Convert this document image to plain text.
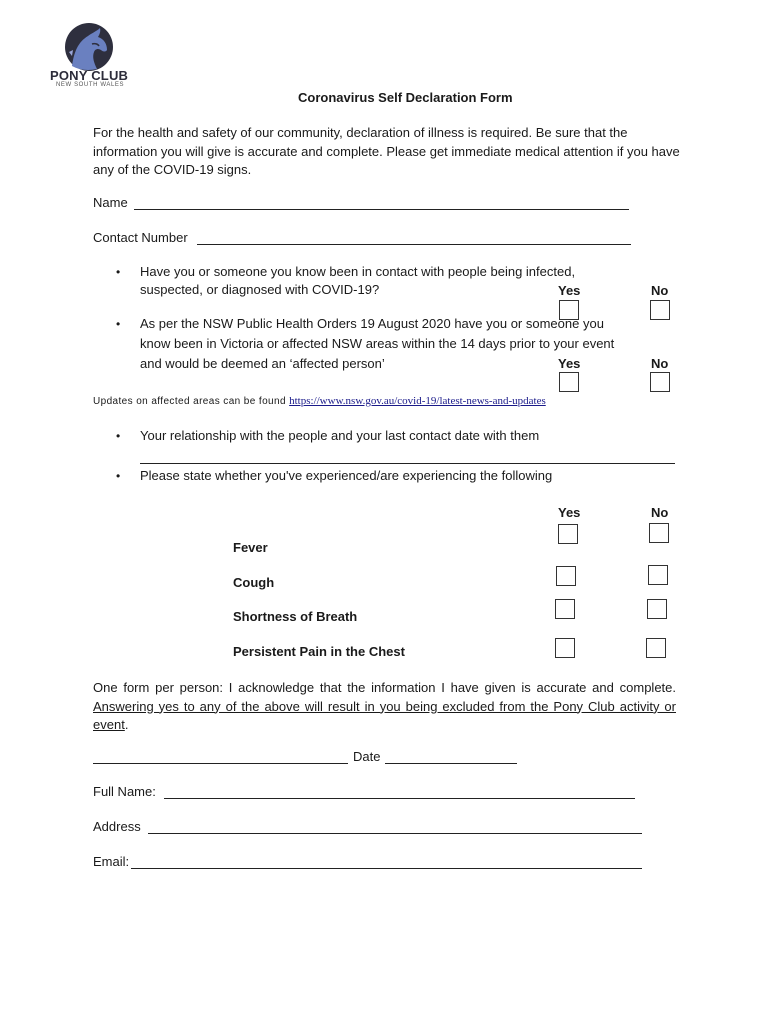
PONY CLUB
NEW SOUTH WALES
Coronavirus Self Declaration Form
For the health and safety of our community, declaration of illness is required. Be sure that the information you will give is accurate and complete. Please get immediate medical attention if you have any of the COVID-19 signs.
Name
Contact Number
• Have you or someone you know been in contact with people being infected,
suspected, or diagnosed with COVID-19?	Yes	No
• As per the NSW Public Health Orders 19 August 2020 have you or someone you
know been in Victoria or affected NSW areas within the 14 days prior to your event
and would be deemed an ‘affected person’	Yes	No
Updates on affected areas can be found https://www.nsw.gov.au/covid-19/latest-news-and-updates
• Your relationship with the people and your last contact date with them
• Please state whether you've experienced/are experiencing the following
Yes	No
Fever
Cough
Shortness of Breath
Persistent Pain in the Chest
One form per person: I acknowledge that the information I have given is accurate and complete. Answering yes to any of the above will result in you being excluded from the Pony Club activity or event.
Date
Full Name:
Address
Email:
